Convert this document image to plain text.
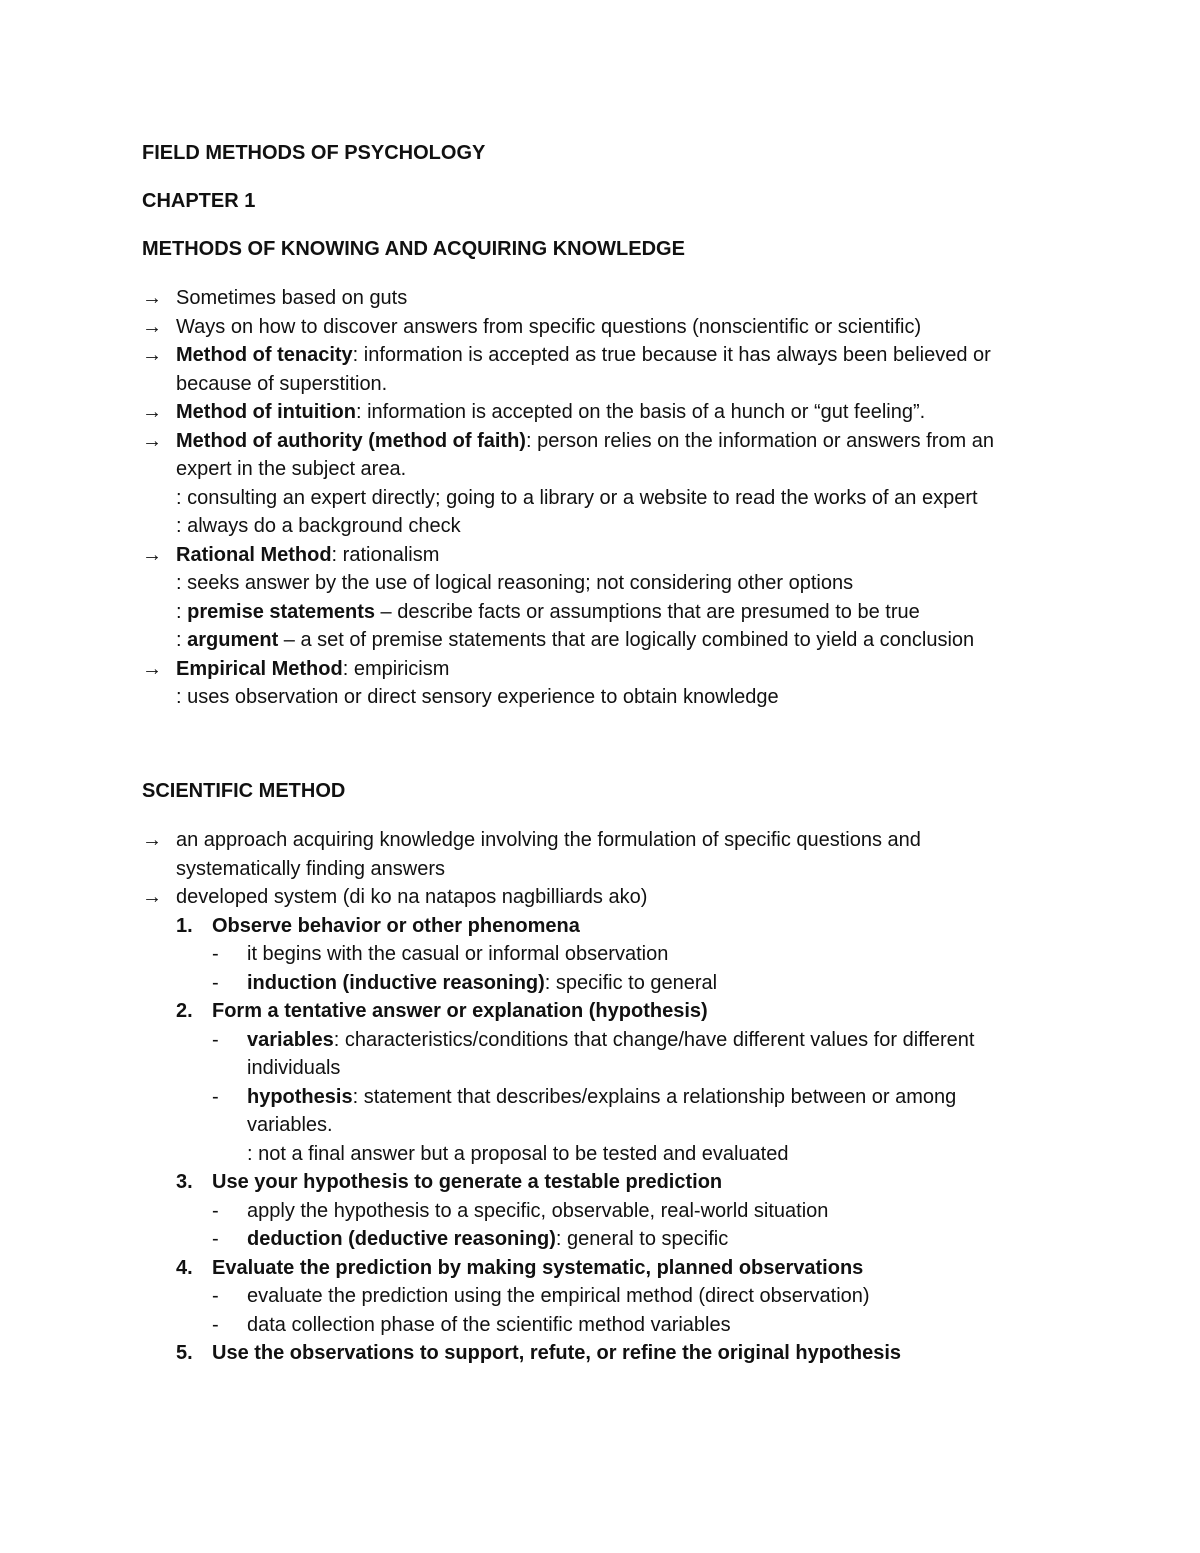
FIELD METHODS OF PSYCHOLOGY
CHAPTER 1
METHODS OF KNOWING AND ACQUIRING KNOWLEDGE
→ Sometimes based on guts
→ Ways on how to discover answers from specific questions (nonscientific or scientific)
→ Method of tenacity: information is accepted as true because it has always been believed or
because of superstition.
→ Method of intuition: information is accepted on the basis of a hunch or “gut feeling”.
→ Method of authority (method of faith): person relies on the information or answers from an
expert in the subject area.
: consulting an expert directly; going to a library or a website to read the works of an expert
: always do a background check
→ Rational Method: rationalism
: seeks answer by the use of logical reasoning; not considering other options
: premise statements – describe facts or assumptions that are presumed to be true
: argument – a set of premise statements that are logically combined to yield a conclusion
→ Empirical Method: empiricism
: uses observation or direct sensory experience to obtain knowledge
SCIENTIFIC METHOD
→ an approach acquiring knowledge involving the formulation of specific questions and
systematically finding answers
→ developed system (di ko na natapos nagbilliards ako)
1. Observe behavior or other phenomena
- it begins with the casual or informal observation
- induction (inductive reasoning): specific to general
2. Form a tentative answer or explanation (hypothesis)
- variables: characteristics/conditions that change/have different values for different
individuals
- hypothesis: statement that describes/explains a relationship between or among
variables.
: not a final answer but a proposal to be tested and evaluated
3. Use your hypothesis to generate a testable prediction
- apply the hypothesis to a specific, observable, real-world situation
- deduction (deductive reasoning): general to specific
4. Evaluate the prediction by making systematic, planned observations
- evaluate the prediction using the empirical method (direct observation)
- data collection phase of the scientific method variables
5. Use the observations to support, refute, or refine the original hypothesis
